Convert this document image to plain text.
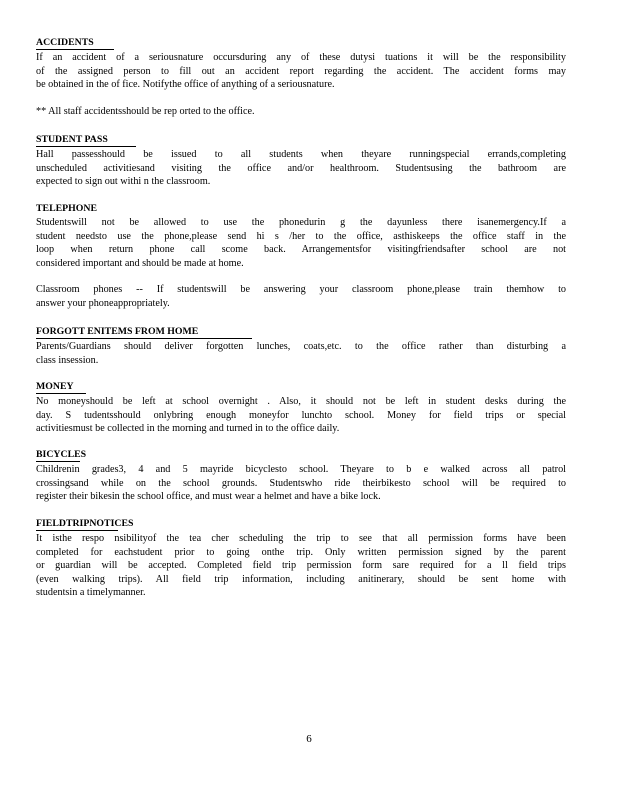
ACCIDENTS
If an accident of a seriousnature occursduring any of these dutysi tuations it will be the responsibility
of the assigned person to fill out an accident report regarding the accident. The accident forms may
be obtained in the of fice. Notifythe office of anything of a seriousnature.
** All staff accidentsshould be rep orted to the office.
STUDENT PASS
Hall passesshould be issued to all students when theyare runningspecial errands,completing
unscheduled activitiesand visiting the office and/or healthroom. Studentsusing the bathroom are
expected to sign out withi n the classroom.
TELEPHONE
Studentswill not be allowed to use the phonedurin g the dayunless there isanemergency.If a
student needsto use the phone,please send hi s /her to the office, asthiskeeps the office staff in the
loop when return phone call scome back. Arrangementsfor visitingfriendsafter school are not
considered important and should be made at home.
Classroom phones -- If studentswill be answering your classroom phone,please train themhow to
answer your phoneappropriately.
FORGOTT ENITEMS FROM HOME
Parents/Guardians should deliver forgotten lunches, coats,etc. to the office rather than disturbing a
class insession.
MONEY
No moneyshould be left at school overnight . Also, it should not be left in student desks during the
day. S tudentsshould onlybring enough moneyfor lunchto school. Money for field trips or special
activitiesmust be collected in the morning and turned in to the office daily.
BICYCLES
Childrenin grades3, 4 and 5 mayride bicyclesto school. Theyare to b e walked across all patrol
crossingsand while on the school grounds. Studentswho ride theirbikesto school will be required to
register their bikesin the school office, and must wear a helmet and have a bike lock.
FIELDTRIPNOTICES
It isthe respo nsibilityof the tea cher scheduling the trip to see that all permission forms have been
completed for eachstudent prior to going onthe trip. Only written permission signed by the parent
or guardian will be accepted. Completed field trip permission form sare required for a ll field trips
(even walking trips). All field trip information, including anitinerary, should be sent home with
studentsin a timelymanner.
6
